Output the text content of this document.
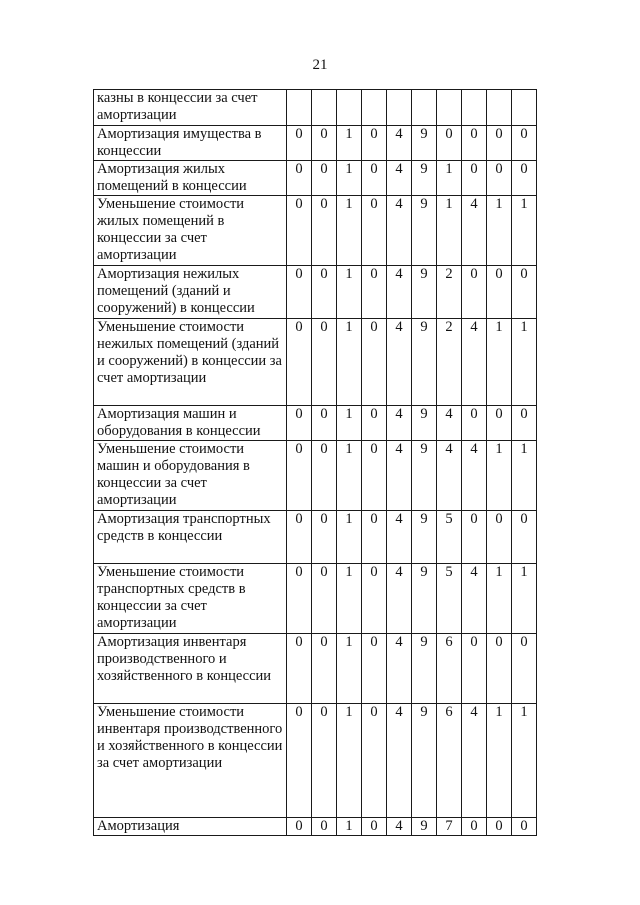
21
казны в концессии за счет амортизации										
Амортизация имущества в концессии	0	0	1	0	4	9	0	0	0	0
Амортизация жилых помещений в концессии	0	0	1	0	4	9	1	0	0	0
Уменьшение стоимости жилых помещений в концессии за счет амортизации	0	0	1	0	4	9	1	4	1	1
Амортизация нежилых помещений (зданий и сооружений) в концессии	0	0	1	0	4	9	2	0	0	0
Уменьшение стоимости нежилых помещений (зданий и сооружений) в концессии за счет амортизации	0	0	1	0	4	9	2	4	1	1
Амортизация машин и оборудования в концессии	0	0	1	0	4	9	4	0	0	0
Уменьшение стоимости машин и оборудования в концессии за счет амортизации	0	0	1	0	4	9	4	4	1	1
Амортизация транспортных средств в концессии	0	0	1	0	4	9	5	0	0	0
Уменьшение стоимости транспортных средств в концессии за счет амортизации	0	0	1	0	4	9	5	4	1	1
Амортизация инвентаря производственного и хозяйственного в концессии	0	0	1	0	4	9	6	0	0	0
Уменьшение стоимости инвентаря производственного и хозяйственного в концессии за счет амортизации	0	0	1	0	4	9	6	4	1	1
Амортизация	0	0	1	0	4	9	7	0	0	0
